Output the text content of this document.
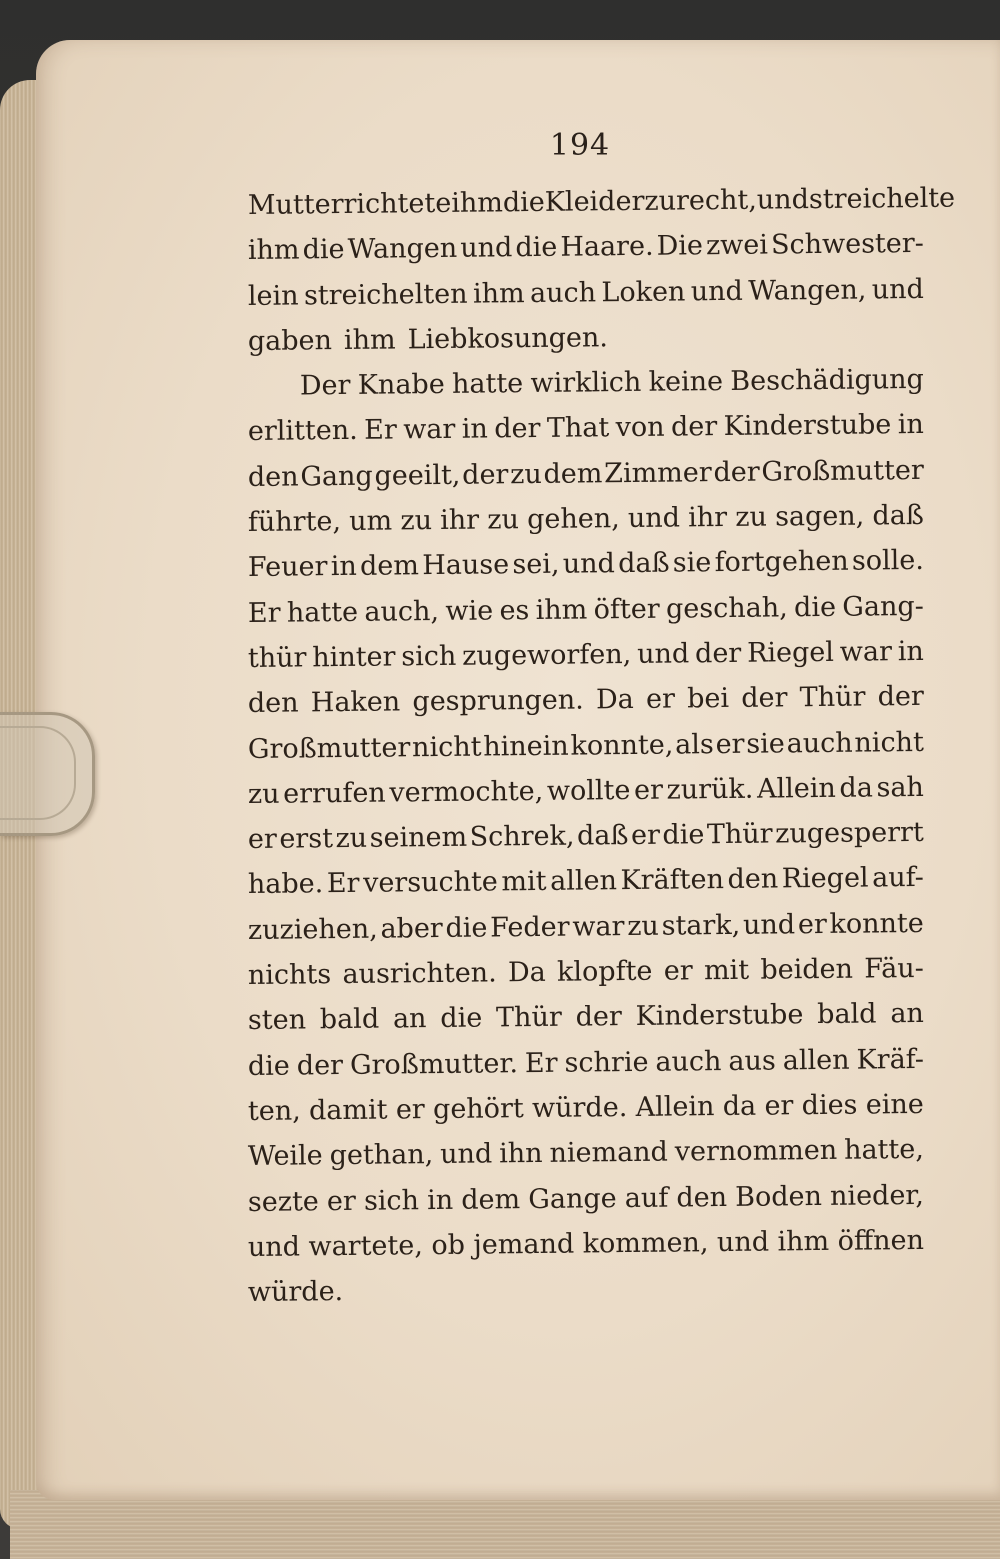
194
Mutter richtete ihm die Kleider zurecht, und streichelte
ihm die Wangen und die Haare. Die zwei Schwester-
lein streichelten ihm auch Loken und Wangen, und
gaben ihm Liebkosungen.
Der Knabe hatte wirklich keine Beschädigung
erlitten. Er war in der That von der Kinderstube in
den Gang geeilt, der zu dem Zimmer der Großmutter
führte, um zu ihr zu gehen, und ihr zu sagen, daß
Feuer in dem Hause sei, und daß sie fortgehen solle.
Er hatte auch, wie es ihm öfter geschah, die Gang-
thür hinter sich zugeworfen, und der Riegel war in
den Haken gesprungen. Da er bei der Thür der
Großmutter nicht hinein konnte, als er sie auch nicht
zu errufen vermochte, wollte er zurük. Allein da sah
er erst zu seinem Schrek, daß er die Thür zugesperrt
habe. Er versuchte mit allen Kräften den Riegel auf-
zuziehen, aber die Feder war zu stark, und er konnte
nichts ausrichten. Da klopfte er mit beiden Fäu-
sten bald an die Thür der Kinderstube bald an
die der Großmutter. Er schrie auch aus allen Kräf-
ten, damit er gehört würde. Allein da er dies eine
Weile gethan, und ihn niemand vernommen hatte,
sezte er sich in dem Gange auf den Boden nieder,
und wartete, ob jemand kommen, und ihm öffnen
würde.
